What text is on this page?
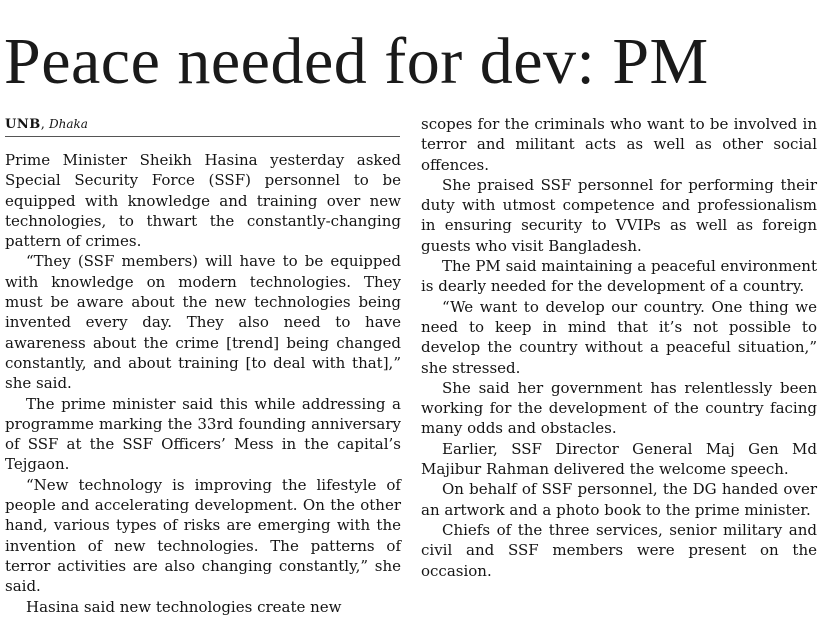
Peace needed for dev: PM
UNB, Dhaka

Prime Minister Sheikh Hasina yesterday asked Special Security Force (SSF) personnel to be equipped with knowledge and training over new technologies, to thwart the constantly-changing pattern of crimes.

“They (SSF members) will have to be equipped with knowledge on modern technologies. They must be aware about the new technologies being invented every day. They also need to have awareness about the crime [trend] being changed constantly, and about training [to deal with that],” she said.

The prime minister said this while addressing a programme marking the 33rd founding anniversary of SSF at the SSF Officers’ Mess in the capital’s Tejgaon.

“New technology is improving the lifestyle of people and accelerating development. On the other hand, various types of risks are emerging with the invention of new technologies. The patterns of terror activities are also changing constantly,” she said.

Hasina said new technologies create new

scopes for the criminals who want to be involved in terror and militant acts as well as other social offences.

She praised SSF personnel for performing their duty with utmost competence and professionalism in ensuring security to VVIPs as well as foreign guests who visit Bangladesh.

The PM said maintaining a peaceful environment is dearly needed for the development of a country.

“We want to develop our country. One thing we need to keep in mind that it’s not possible to develop the country without a peaceful situation,” she stressed.

She said her government has relentlessly been working for the development of the country facing many odds and obstacles.

Earlier, SSF Director General Maj Gen Md Majibur Rahman delivered the welcome speech.

On behalf of SSF personnel, the DG handed over an artwork and a photo book to the prime minister.

Chiefs of the three services, senior military and civil and SSF members were present on the occasion.
